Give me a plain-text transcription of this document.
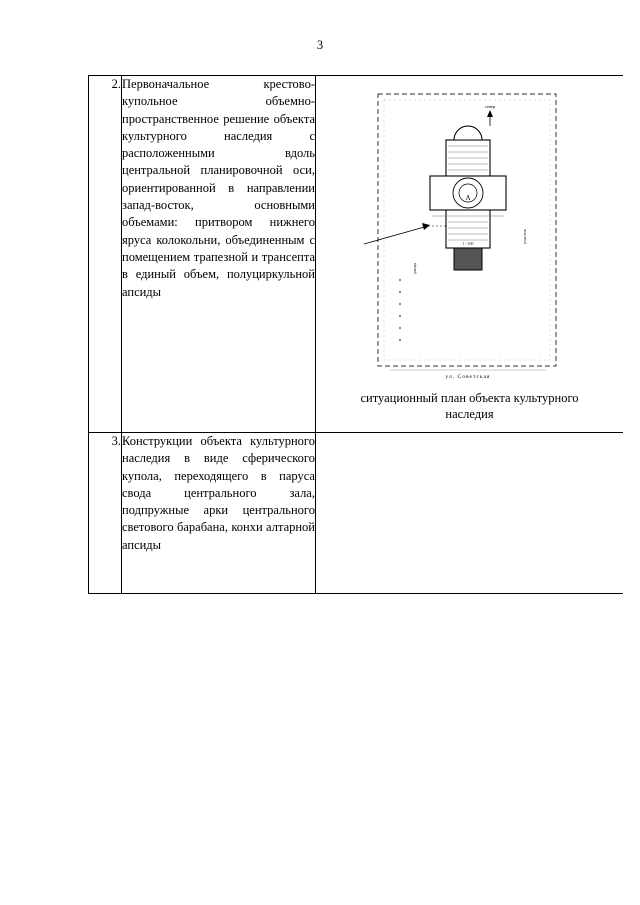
3
2.	Первоначальное крестово-купольное объемно-пространственное решение объекта культурного наследия с расположенными вдоль центральной планировочной оси, ориентированной в направлении запад-восток, основными объемами: притвором нижнего яруса колокольни, объединенным с помещением трапезной и трансепта в единый объем, полуциркульной апсиды

А
1 : 500
север
улица
участок
ул. Советская
ситуационный план объекта культурного наследия

3.	Конструкции объекта культурного наследия в виде сферического купола, переходящего в паруса свода центрального зала, подпружные арки центрального светового барабана, конхи алтарной апсиды	
